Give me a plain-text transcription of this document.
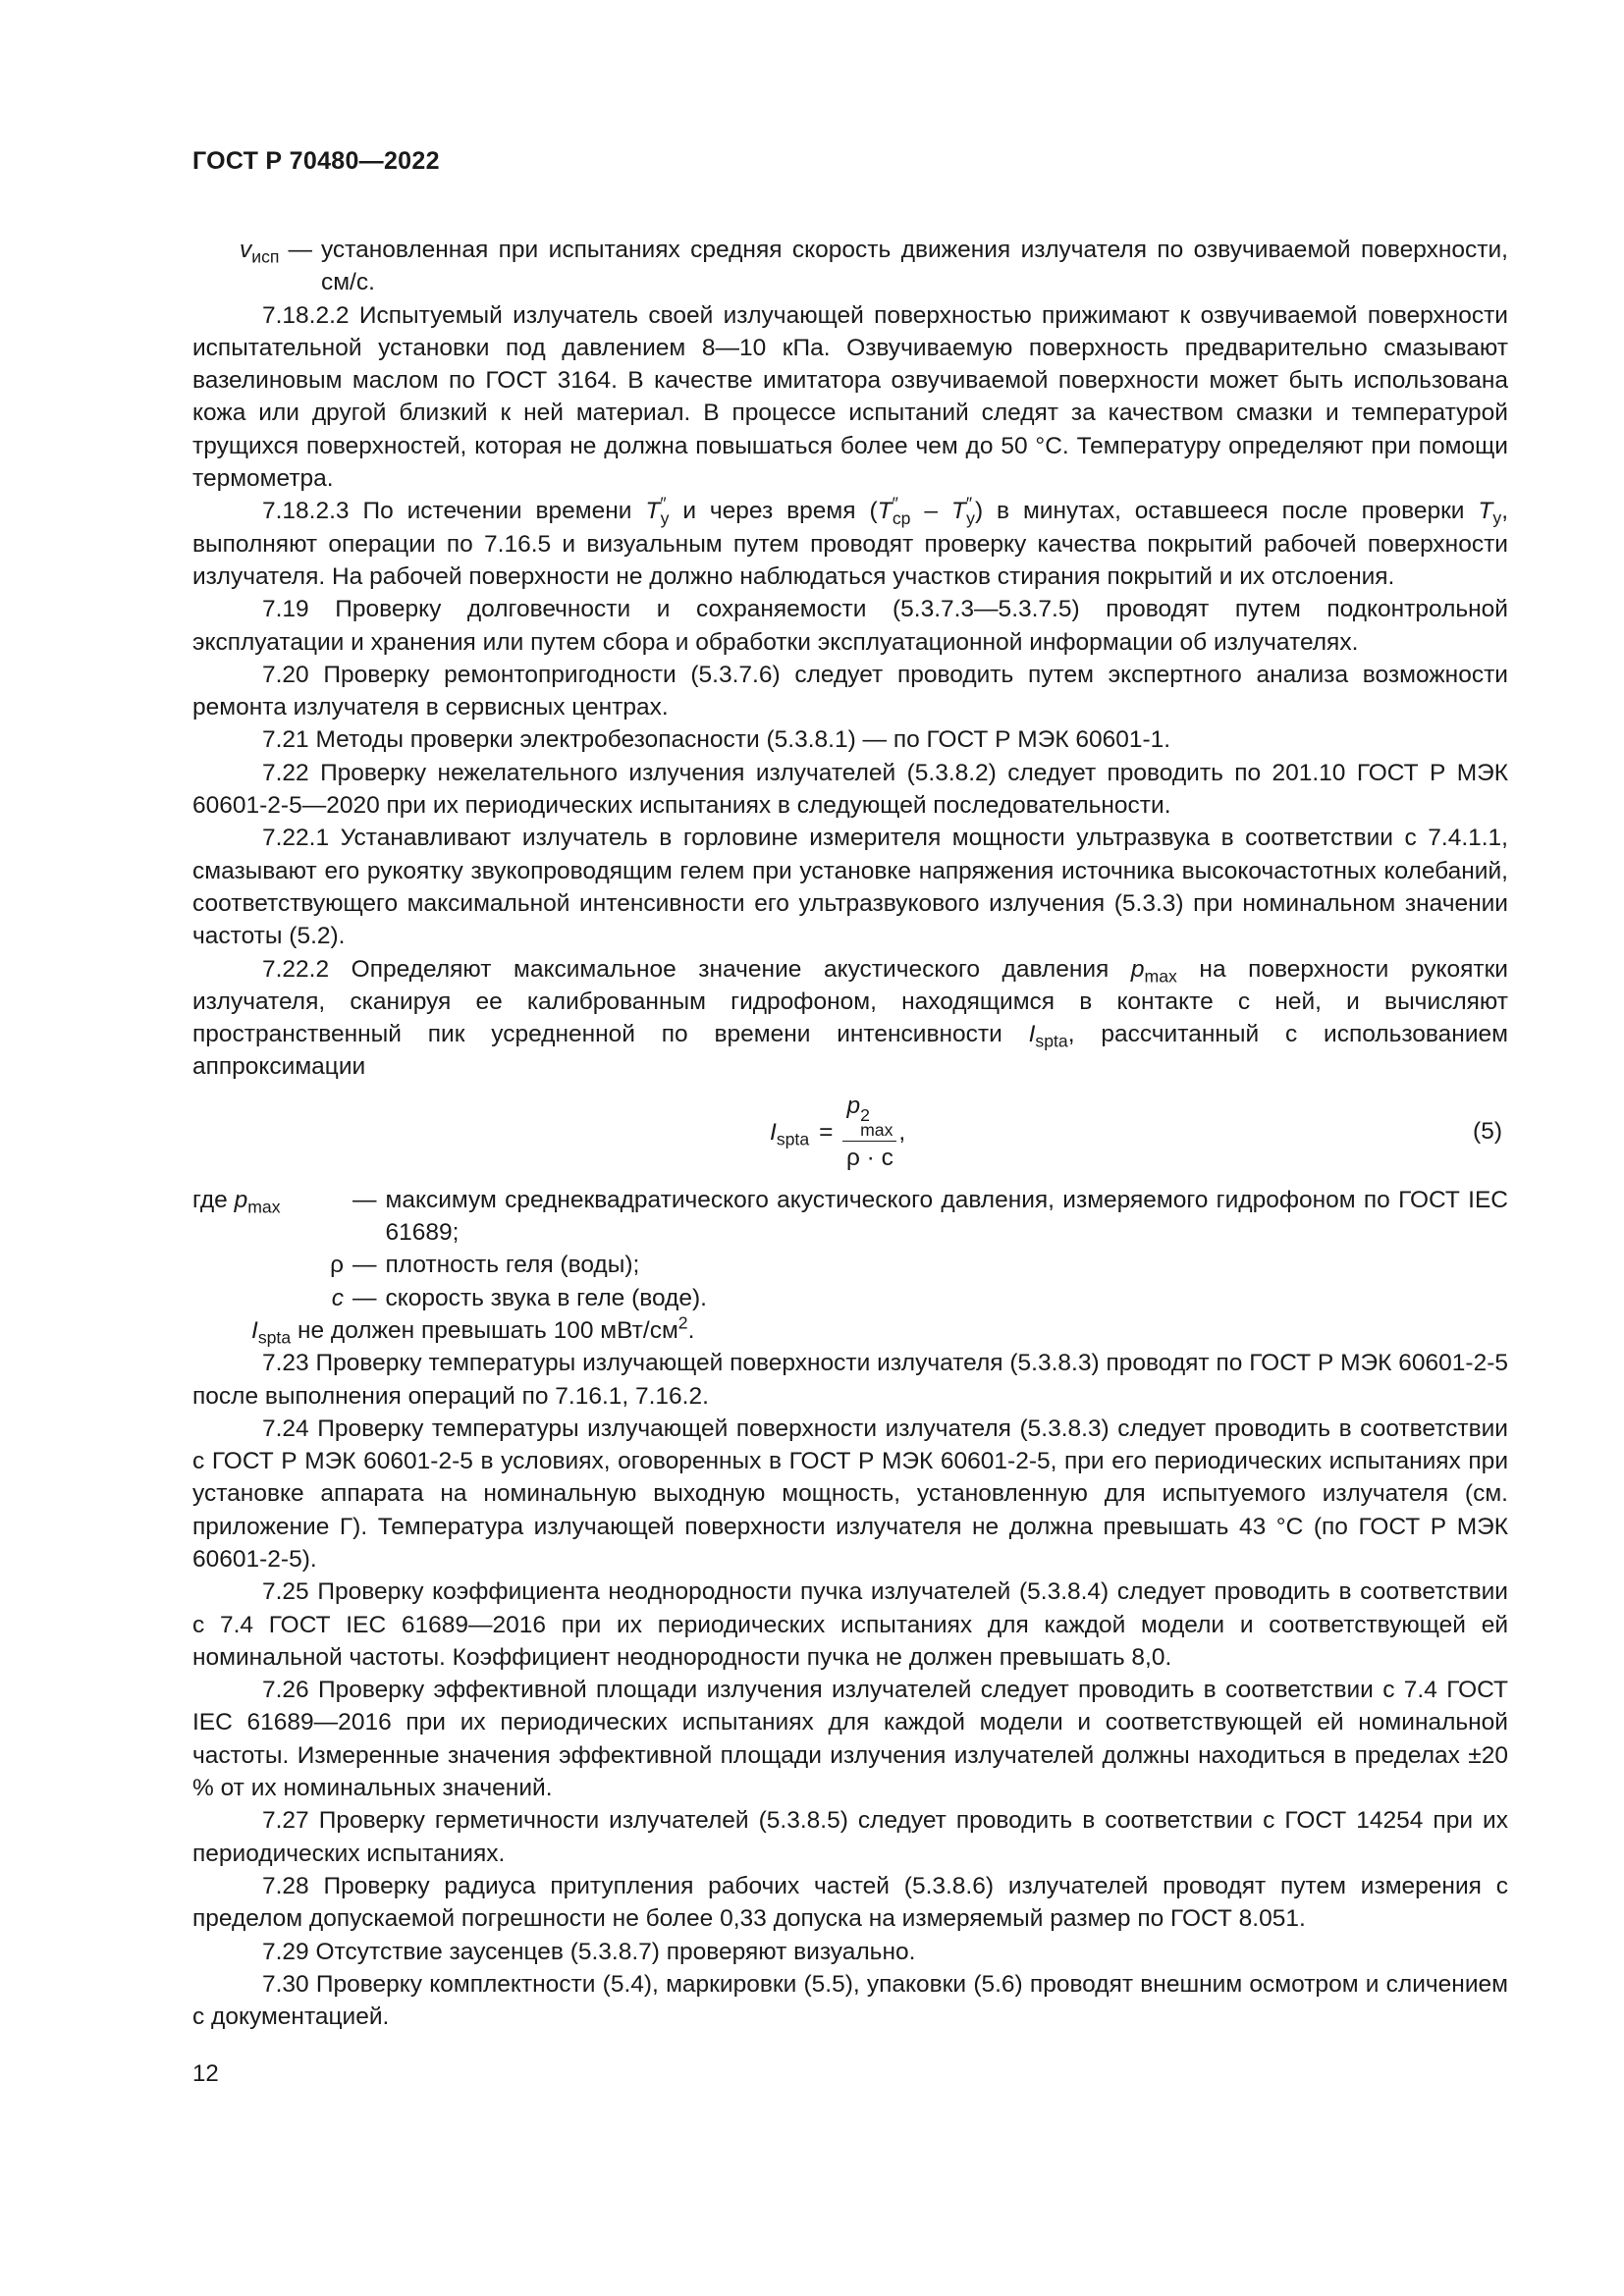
ГОСТ Р 70480—2022
$v_{исп}$ — установленная при испытаниях средняя скорость движения излучателя по озвучиваемой поверхности, см/с.

7.18.2.2 Испытуемый излучатель своей излучающей поверхностью прижимают к озвучиваемой поверхности испытательной установки под давлением 8—10 кПа. Озвучиваемую поверхность предварительно смазывают вазелиновым маслом по ГОСТ 3164. В качестве имитатора озвучиваемой поверхности может быть использована кожа или другой близкий к ней материал. В процессе испытаний следят за качеством смазки и температурой трущихся поверхностей, которая не должна повышаться более чем до 50 °С. Температуру определяют при помощи термометра.

7.18.2.3 По истечении времени $T''_y$ и через время $(T''_{ср} - T''_y)$ в минутах, оставшееся после проверки $T_y$, выполняют операции по 7.16.5 и визуальным путем проводят проверку качества покрытий рабочей поверхности излучателя. На рабочей поверхности не должно наблюдаться участков стирания покрытий и их отслоения.

7.19 Проверку долговечности и сохраняемости (5.3.7.3—5.3.7.5) проводят путем подконтрольной эксплуатации и хранения или путем сбора и обработки эксплуатационной информации об излучателях.

7.20 Проверку ремонтопригодности (5.3.7.6) следует проводить путем экспертного анализа возможности ремонта излучателя в сервисных центрах.

7.21 Методы проверки электробезопасности (5.3.8.1) — по ГОСТ Р МЭК 60601-1.

7.22 Проверку нежелательного излучения излучателей (5.3.8.2) следует проводить по 201.10 ГОСТ Р МЭК 60601-2-5—2020 при их периодических испытаниях в следующей последовательности.

7.22.1 Устанавливают излучатель в горловине измерителя мощности ультразвука в соответствии с 7.4.1.1, смазывают его рукоятку звукопроводящим гелем при установке напряжения источника высокочастотных колебаний, соответствующего максимальной интенсивности его ультразвукового излучения (5.3.3) при номинальном значении частоты (5.2).

7.22.2 Определяют максимальное значение акустического давления $p_{max}$ на поверхности рукоятки излучателя, сканируя ее калиброванным гидрофоном, находящимся в контакте с ней, и вычисляют пространственный пик усредненной по времени интенсивности $I_{spta}$, рассчитанный с использованием аппроксимации

$I_{spta} = p$ 2
max
ρ · c ,	(5)
где $p_{max}$	— максимум среднеквадратического акустического давления, измеряемого гидрофоном по ГОСТ IEC 61689;
ρ — плотность геля (воды);
c — скорость звука в геле (воде).

$I_{spta}$ не должен превышать 100 мВт/$см^2$.

7.23 Проверку температуры излучающей поверхности излучателя (5.3.8.3) проводят по ГОСТ Р МЭК 60601-2-5 после выполнения операций по 7.16.1, 7.16.2.

7.24 Проверку температуры излучающей поверхности излучателя (5.3.8.3) следует проводить в соответствии с ГОСТ Р МЭК 60601-2-5 в условиях, оговоренных в ГОСТ Р МЭК 60601-2-5, при его периодических испытаниях при установке аппарата на номинальную выходную мощность, установленную для испытуемого излучателя (см. приложение Г). Температура излучающей поверхности излучателя не должна превышать 43 °С (по ГОСТ Р МЭК 60601-2-5).

7.25 Проверку коэффициента неоднородности пучка излучателей (5.3.8.4) следует проводить в соответствии с 7.4 ГОСТ IEC 61689—2016 при их периодических испытаниях для каждой модели и соответствующей ей номинальной частоты. Коэффициент неоднородности пучка не должен превышать 8,0.

7.26 Проверку эффективной площади излучения излучателей следует проводить в соответствии с 7.4 ГОСТ IEC 61689—2016 при их периодических испытаниях для каждой модели и соответствующей ей номинальной частоты. Измеренные значения эффективной площади излучения излучателей должны находиться в пределах ±20 % от их номинальных значений.

7.27 Проверку герметичности излучателей (5.3.8.5) следует проводить в соответствии с ГОСТ 14254 при их периодических испытаниях.

7.28 Проверку радиуса притупления рабочих частей (5.3.8.6) излучателей проводят путем измерения с пределом допускаемой погрешности не более 0,33 допуска на измеряемый размер по ГОСТ 8.051.

7.29 Отсутствие заусенцев (5.3.8.7) проверяют визуально.

7.30 Проверку комплектности (5.4), маркировки (5.5), упаковки (5.6) проводят внешним осмотром и сличением с документацией.

12
